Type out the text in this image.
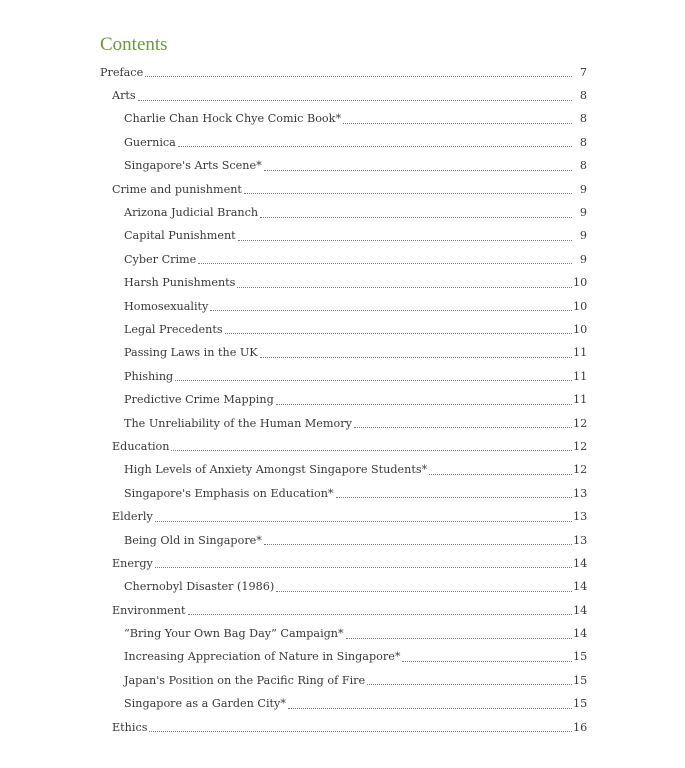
Contents
Preface	7
Arts	8
Charlie Chan Hock Chye Comic Book*	8
Guernica	8
Singapore's Arts Scene*	8
Crime and punishment	9
Arizona Judicial Branch	9
Capital Punishment	9
Cyber Crime	9
Harsh Punishments	10
Homosexuality	10
Legal Precedents	10
Passing Laws in the UK	11
Phishing	11
Predictive Crime Mapping	11
The Unreliability of the Human Memory	12
Education	12
High Levels of Anxiety Amongst Singapore Students*	12
Singapore's Emphasis on Education*	13
Elderly	13
Being Old in Singapore*	13
Energy	14
Chernobyl Disaster (1986)	14
Environment	14
“Bring Your Own Bag Day” Campaign*	14
Increasing Appreciation of Nature in Singapore*	15
Japan's Position on the Pacific Ring of Fire	15
Singapore as a Garden City*	15
Ethics	16
